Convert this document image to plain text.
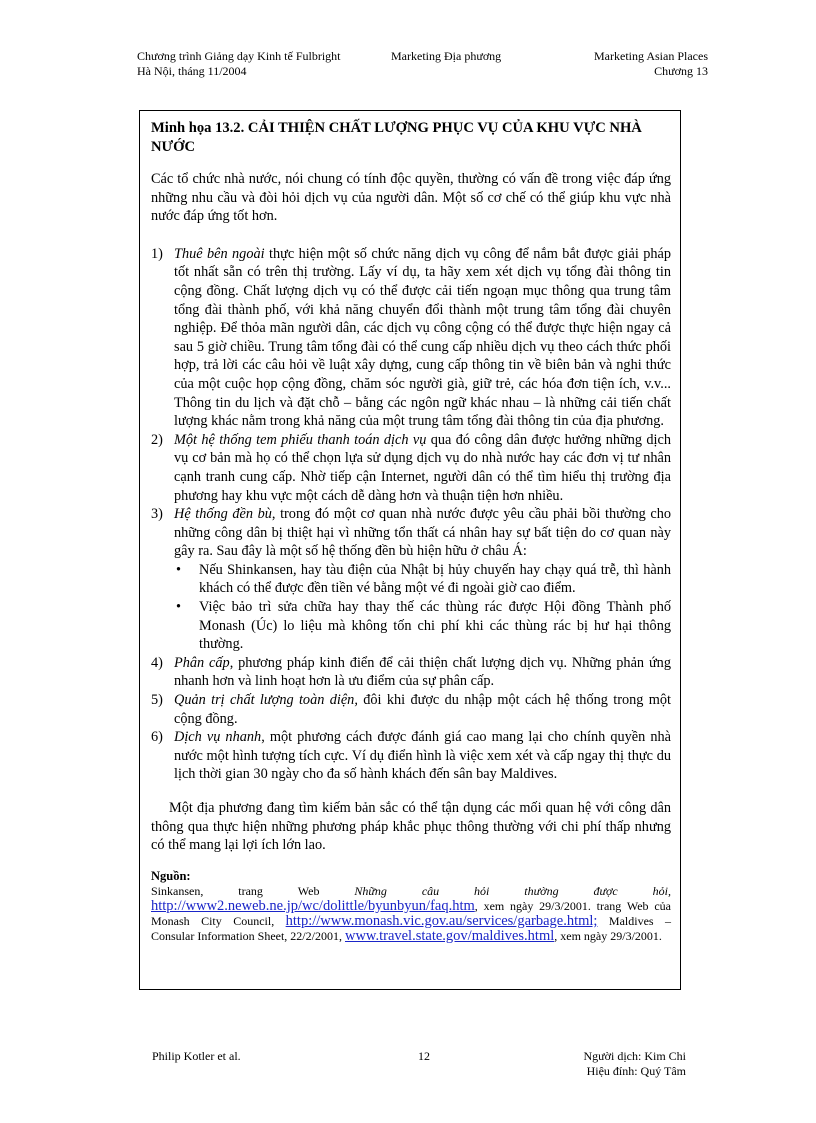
Chương trình Giảng dạy Kinh tế Fulbright
Hà Nội, tháng 11/2004
Marketing Địa phương	Marketing Asian Places
Chương 13

Minh họa 13.2. CẢI THIỆN CHẤT LƯỢNG PHỤC VỤ CỦA KHU VỰC NHÀ NƯỚC

Các tổ chức nhà nước, nói chung có tính độc quyền, thường có vấn đề trong việc đáp ứng những nhu cầu và đòi hỏi dịch vụ của người dân. Một số cơ chế có thể giúp khu vực nhà nước đáp ứng tốt hơn.

1) Thuê bên ngoài thực hiện một số chức năng dịch vụ công để nắm bắt được giải pháp tốt nhất sẵn có trên thị trường. Lấy ví dụ, ta hãy xem xét dịch vụ tổng đài thông tin cộng đồng. Chất lượng dịch vụ có thể được cải tiến ngoạn mục thông qua trung tâm tổng đài thành phố, với khả năng chuyển đổi thành một trung tâm tổng đài chuyên nghiệp. Để thỏa mãn người dân, các dịch vụ công cộng có thể được thực hiện ngay cả sau 5 giờ chiều. Trung tâm tổng đài có thể cung cấp nhiều dịch vụ theo cách thức phối hợp, trả lời các câu hỏi về luật xây dựng, cung cấp thông tin về biên bản và nghi thức của một cuộc họp cộng đồng, chăm sóc người già, giữ trẻ, các hóa đơn tiện ích, v.v... Thông tin du lịch và đặt chỗ – bằng các ngôn ngữ khác nhau – là những cải tiến chất lượng khác nằm trong khả năng của một trung tâm tổng đài thông tin của địa phương.
2) Một hệ thống tem phiếu thanh toán dịch vụ qua đó công dân được hưởng những dịch vụ cơ bản mà họ có thể chọn lựa sử dụng dịch vụ do nhà nước hay các đơn vị tư nhân cạnh tranh cung cấp. Nhờ tiếp cận Internet, người dân có thể tìm hiểu thị trường địa phương hay khu vực một cách dễ dàng hơn và thuận tiện hơn nhiều.
3) Hệ thống đền bù, trong đó một cơ quan nhà nước được yêu cầu phải bồi thường cho những công dân bị thiệt hại vì những tổn thất cá nhân hay sự bất tiện do cơ quan này gây ra. Sau đây là một số hệ thống đền bù hiện hữu ở châu Á:
• Nếu Shinkansen, hay tàu điện của Nhật bị hủy chuyến hay chạy quá trễ, thì hành khách có thể được đền tiền vé bằng một vé đi ngoài giờ cao điểm.
• Việc bảo trì sửa chữa hay thay thế các thùng rác được Hội đồng Thành phố Monash (Úc) lo liệu mà không tốn chi phí khi các thùng rác bị hư hại thông thường.
4) Phân cấp, phương pháp kinh điển để cải thiện chất lượng dịch vụ. Những phản ứng nhanh hơn và linh hoạt hơn là ưu điểm của sự phân cấp.
5) Quản trị chất lượng toàn diện, đôi khi được du nhập một cách hệ thống trong một cộng đồng.
6) Dịch vụ nhanh, một phương cách được đánh giá cao mang lại cho chính quyền nhà nước một hình tượng tích cực. Ví dụ điển hình là việc xem xét và cấp ngay thị thực du lịch thời gian 30 ngày cho đa số hành khách đến sân bay Maldives.

Một địa phương đang tìm kiếm bản sắc có thể tận dụng các mối quan hệ với công dân thông qua thực hiện những phương pháp khắc phục thông thường với chi phí thấp nhưng có thể mang lại lợi ích lớn lao.

Nguồn:
Sinkansen,	trang	Web	Những	câu	hỏi	thường	được	hỏi,
http://www2.neweb.ne.jp/wc/dolittle/byunbyun/faq.htm, xem ngày 29/3/2001. trang Web của Monash City Council, http://www.monash.vic.gov.au/services/garbage.html; Maldives – Consular Information Sheet, 22/2/2001, www.travel.state.gov/maldives.html, xem ngày 29/3/2001.
Philip Kotler et al.	12	Người dịch: Kim Chi
Hiệu đính: Quý Tâm
